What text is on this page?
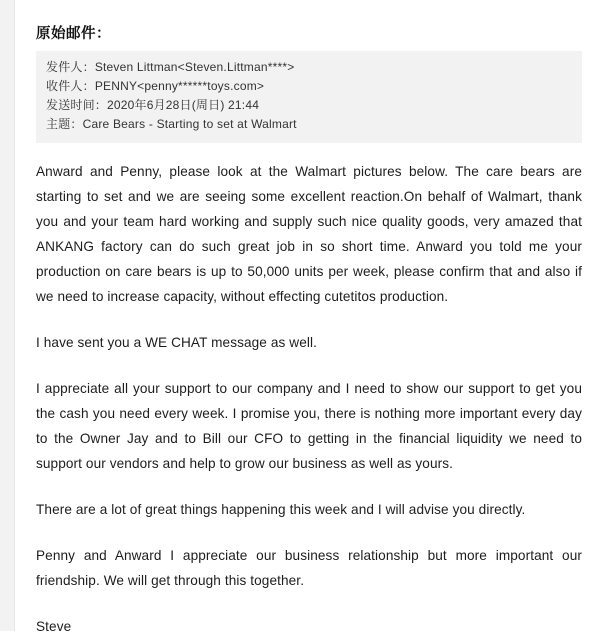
原始邮件：
发件人：Steven Littman<Steven.Littman****>
收件人：PENNY<penny******toys.com>
发送时间：2020年6月28日(周日) 21:44
主题：Care Bears - Starting to set at Walmart

Anward and Penny, please look at the Walmart pictures below. The care bears are starting to set and we are seeing some excellent reaction.On behalf of Walmart, thank you and your team hard working and supply such nice quality goods, very amazed that ANKANG factory can do such great job in so short time. Anward you told me your production on care bears is up to 50,000 units per week, please confirm that and also if we need to increase capacity, without effecting cutetitos production.

I have sent you a WE CHAT message as well.

I appreciate all your support to our company and I need to show our support to get you the cash you need every week. I promise you, there is nothing more important every day to the Owner Jay and to Bill our CFO to getting in the financial liquidity we need to support our vendors and help to grow our business as well as yours.

There are a lot of great things happening this week and I will advise you directly.

Penny and Anward I appreciate our business relationship but more important our friendship. We will get through this together.

Steve
